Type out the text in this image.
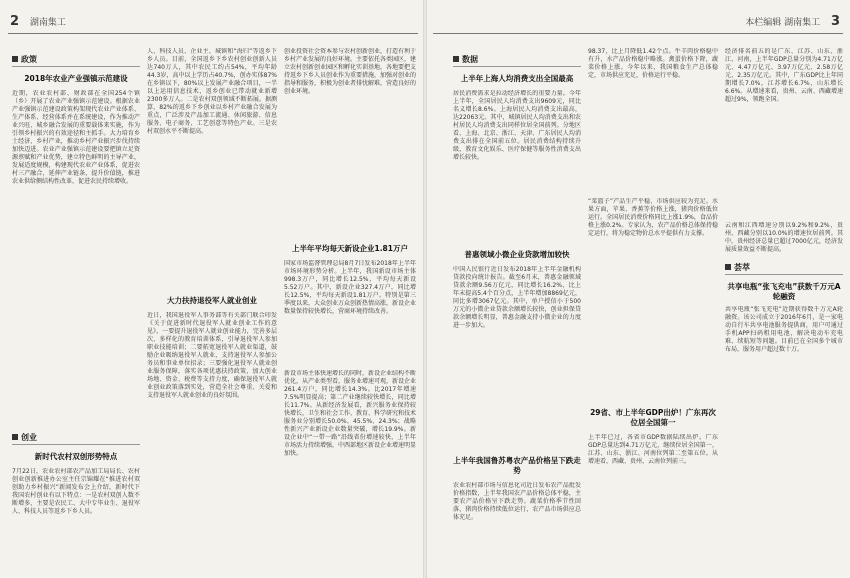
2 湖南集工
政策
2018年农业产业强镇示范建设
近期，农业农村部、财政部在全国254个镇（乡）开展了农业产业强镇示范建设。根据农业产业强镇示范建设政策构架现代农业产业体系、生产体系、经营体系并在系统建设，作为推动产业兴旺、城乡融合发展的重要载体来实施，作为引领乡村振兴的有效途径和主抓手。大力培育乡土经济、乡村产业，推动乡村产业振兴步伐持续加快迈进。农业产业强镇示范建设要把镇立足资源禀赋和产业优势，建立特色鲜明的主导产业，发展适度规模，构建现代农业产业体系，促进农村三产融合，延伸产业链条，提升价值链，推进农业供给侧结构性改革，促进农民持续增收。
创业
新时代农村双创形势特点
7月22日，农业农村部农产品加工局局长、农村创业创新推进办公室主任宗锦耀在“推进农村双创助力乡村振兴”新闻发布会上介绍，新时代下我国农村创业有以下特点：一是农村双创人数不断增多，主要是农民工、大中专毕业生、退役军人、科技人员等返乡下乡人员。
人、科技人员、企业主、城镇和“海归”等返乡下乡人员。目前，全国返乡下乡农村创业创新人员达740万人，其中农民工约占54%，平均年龄44.3岁，高中以上学历占40.7%，创办实体87%在乡镇以下，80%以上发展产业融合项目，一半以上运用信息技术，返乡创业已带动就业新增2300多万人。二是农村双创领域不断拓展。据测算，82%的返乡下乡创业以乡村产业融合发展为重点，广泛涉及产品加工流通、休闲旅游、信息服务、电子商务、工艺创意等特色产业。三是农村双创水平不断提高。
大力扶持退役军人就业创业
近日，我国退役军人事务部等有关部门联合印发《关于促进新时代退役军人就业创业工作的意见》，一要提升退役军人就业创业能力，完善多层次、多样化的教育培训体系，引导退役军人参加职业技能培训；二要拓宽退役军人就业渠道，鼓励企业吸纳退役军人就业，支持退役军人参加公务员和事业单位招录；三要强化退役军人就业创业服务保障，落实各项优惠扶持政策，加大创业场地、资金、税费等支持力度，确保退役军人就业创业政策落到实处，营造全社会尊重、关爱和支持退役军人就业创业的良好氛围。
创业投资社会资本参与农村创新创业，打造有利于乡村产业发展的良好环境。主要依托各类园区，建立农村创新创业园区和孵化实训基地。各地要把支持返乡下乡人员创业作为重要措施，加强对创业的指导和服务，积极为创业者排忧解难，营造良好的创业环境。
上半年平均每天新设企业1.81万户
国家市场监督管理总局8月7日发布2018年上半年市场环境形势分析。上半年，我国新设市场主体998.3万户，同比增长12.5%，平均每天新设5.52万户。其中，新设企业327.4万户，同比增长12.5%，平均每天新设1.81万户。特别是第三季度以来，大众创业万众创新热情高涨，新设企业数量保持较快增长，营商环境持续改善。
新设市场主体快速增长的同时，新设企业结构不断优化，从产业类型看，服务业增速可观，新设企业261.4万户，同比增长14.3%。比2017年增速7.5%明显提高；第二产业继续较快增长，同比增长11.7%。从新经济发展看，新兴服务业保持较快增长，卫生和社会工作、教育、科学研究和技术服务业分别增长50.0%、45.5%、24.3%；战略性新兴产业新设企业数量突破，增长19.9%。新设企业中“一带一路”沿线省份增速较快，上半年市场活力持续增强，中西部地区新设企业增速明显加快。
本栏编辑 湖南集工 3
数据
上半年上海人均消费支出全国最高
居民消费需求是拉动经济增长的重要力量。今年上半年，全国居民人均消费支出9609元，同比名义增长8.6%。上海居民人均消费支出最高，达22063元。其中，城镇居民人均消费支出和农村居民人均消费支出同样位居全国前列。分地区看，上海、北京、浙江、天津、广东居民人均消费支出排在全国前五位。居民消费结构持续升级，教育文化娱乐、医疗保健等服务性消费支出增长较快。
普惠领域小微企业贷款增加较快
中国人民银行近日发布2018年上半年金融机构贷款投向统计报告。截至6月末，普惠金融领域贷款余额9.56万亿元，同比增长16.2%，比上年末提高5.4个百分点，上半年增加8869亿元，同比多增3067亿元。其中，单户授信小于500万元的小微企业贷款余额增长较快，创业担保贷款余额增长明显，普惠金融支持小微企业的力度进一步加大。
上半年我国鲁苏粤农产品价格呈下跌走势
农业农村部市场与信息化司近日发布农产品批发价格指数，上半年我国农产品价格总体平稳，主要农产品价格呈下跌走势。蔬菜价格季节性回落，猪肉价格持续低位运行，农产品市场供应总体充足。
98.37，比上月降低1.42个点。牛羊肉价格稳中有升，水产品价格稳中略涨。禽蛋价格下降，蔬菜价格上涨。今年以来，我国粮食生产总体稳定，市场供应充足，价格运行平稳。
“菜篮子”产品生产平稳，市场供应较为充足。水果方面，苹果、香蕉等价格上涨，猪肉价格低位运行。全国居民消费价格同比上涨1.9%，食品价格上涨0.2%。专家认为，农产品价格总体保持稳定运行，将为稳定物价总水平提供有力支撑。
29省、市上半年GDP出炉！广东再次位居全国第一
上半年已过，各省市GDP数据陆续出炉。广东GDP总量达到4.71万亿元，继续位居全国第一，江苏、山东、浙江、河南位列第二至第五位。从增速看，西藏、贵州、云南位列前三。
经济排名前五的是广东、江苏、山东、浙江、河南，上半年GDP总量分别为4.71万亿元、4.47万亿元、3.97万亿元、2.58万亿元、2.35万亿元。其中，广东GDP比上年同期增长7.0%，江苏增长6.7%，山东增长6.6%。从增速来看，贵州、云南、西藏增速超过9%，领跑全国。
云南和江西增速分别以9.2%和9.2%，贵州、西藏分别以10.0%的增速位居前列。其中，贵州经济总量已超过7000亿元，经济发展质量效益不断提高。
荟萃
共享电瓶“张飞充电”获数千万元A轮融资
共享电瓶“张飞充电”近期获得数千万元A轮融资。该公司成立于2016年6月，是一家电动自行车共享电池服务提供商，用户可通过手机APP扫码租用电池，解决电动车充电难、续航短等问题。目前已在全国多个城市布局，服务用户超过数十万。
